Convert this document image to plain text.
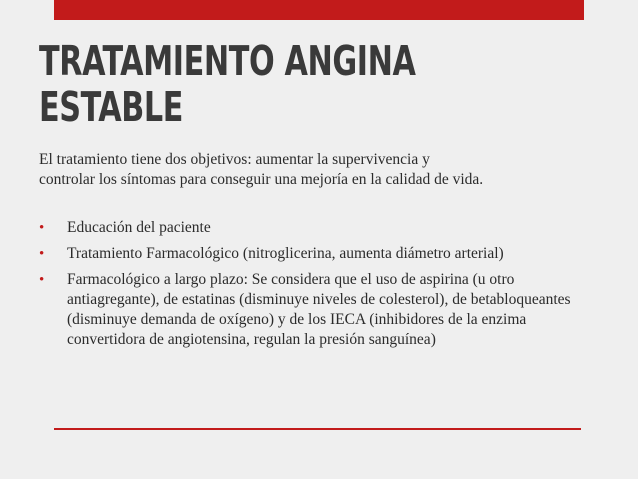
TRATAMIENTO ANGINA
ESTABLE

El tratamiento tiene dos objetivos: aumentar la supervivencia y
controlar los síntomas para conseguir una mejoría en la calidad de vida.

• Educación del paciente
• Tratamiento Farmacológico (nitroglicerina, aumenta diámetro arterial)
• Farmacológico a largo plazo: Se considera que el uso de aspirina (u otro antiagregante), de estatinas (disminuye niveles de colesterol), de betabloqueantes (disminuye demanda de oxígeno) y de los IECA (inhibidores de la enzima convertidora de angiotensina, regulan la presión sanguínea)
